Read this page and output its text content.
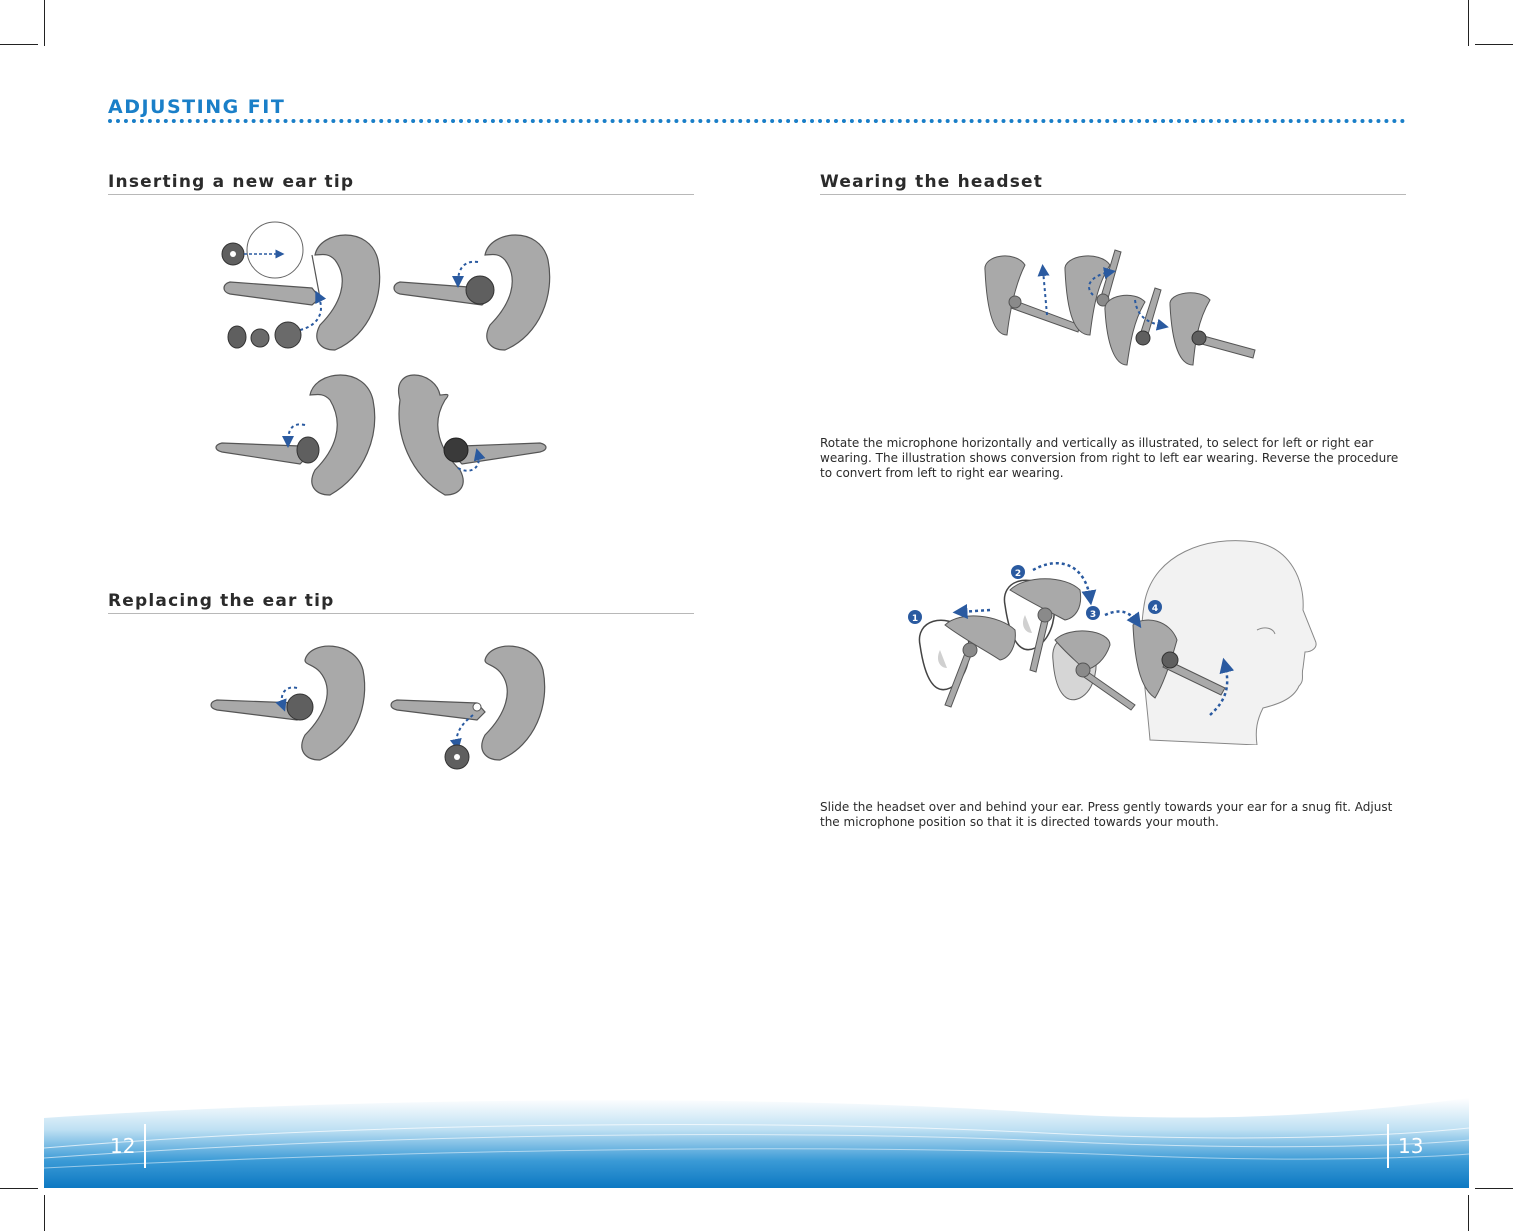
ADJUSTING FIT
Inserting a new ear tip
Replacing the ear tip
Wearing the headset
Rotate the microphone horizontally and vertically as illustrated, to select for left or right ear wearing. The illustration shows conversion from right to left ear wearing. Reverse the procedure to convert from left to right ear wearing.
1
2
3
4
Slide the headset over and behind your ear. Press gently towards your ear for a snug fit. Adjust the microphone position so that it is directed towards your mouth.
12	13
